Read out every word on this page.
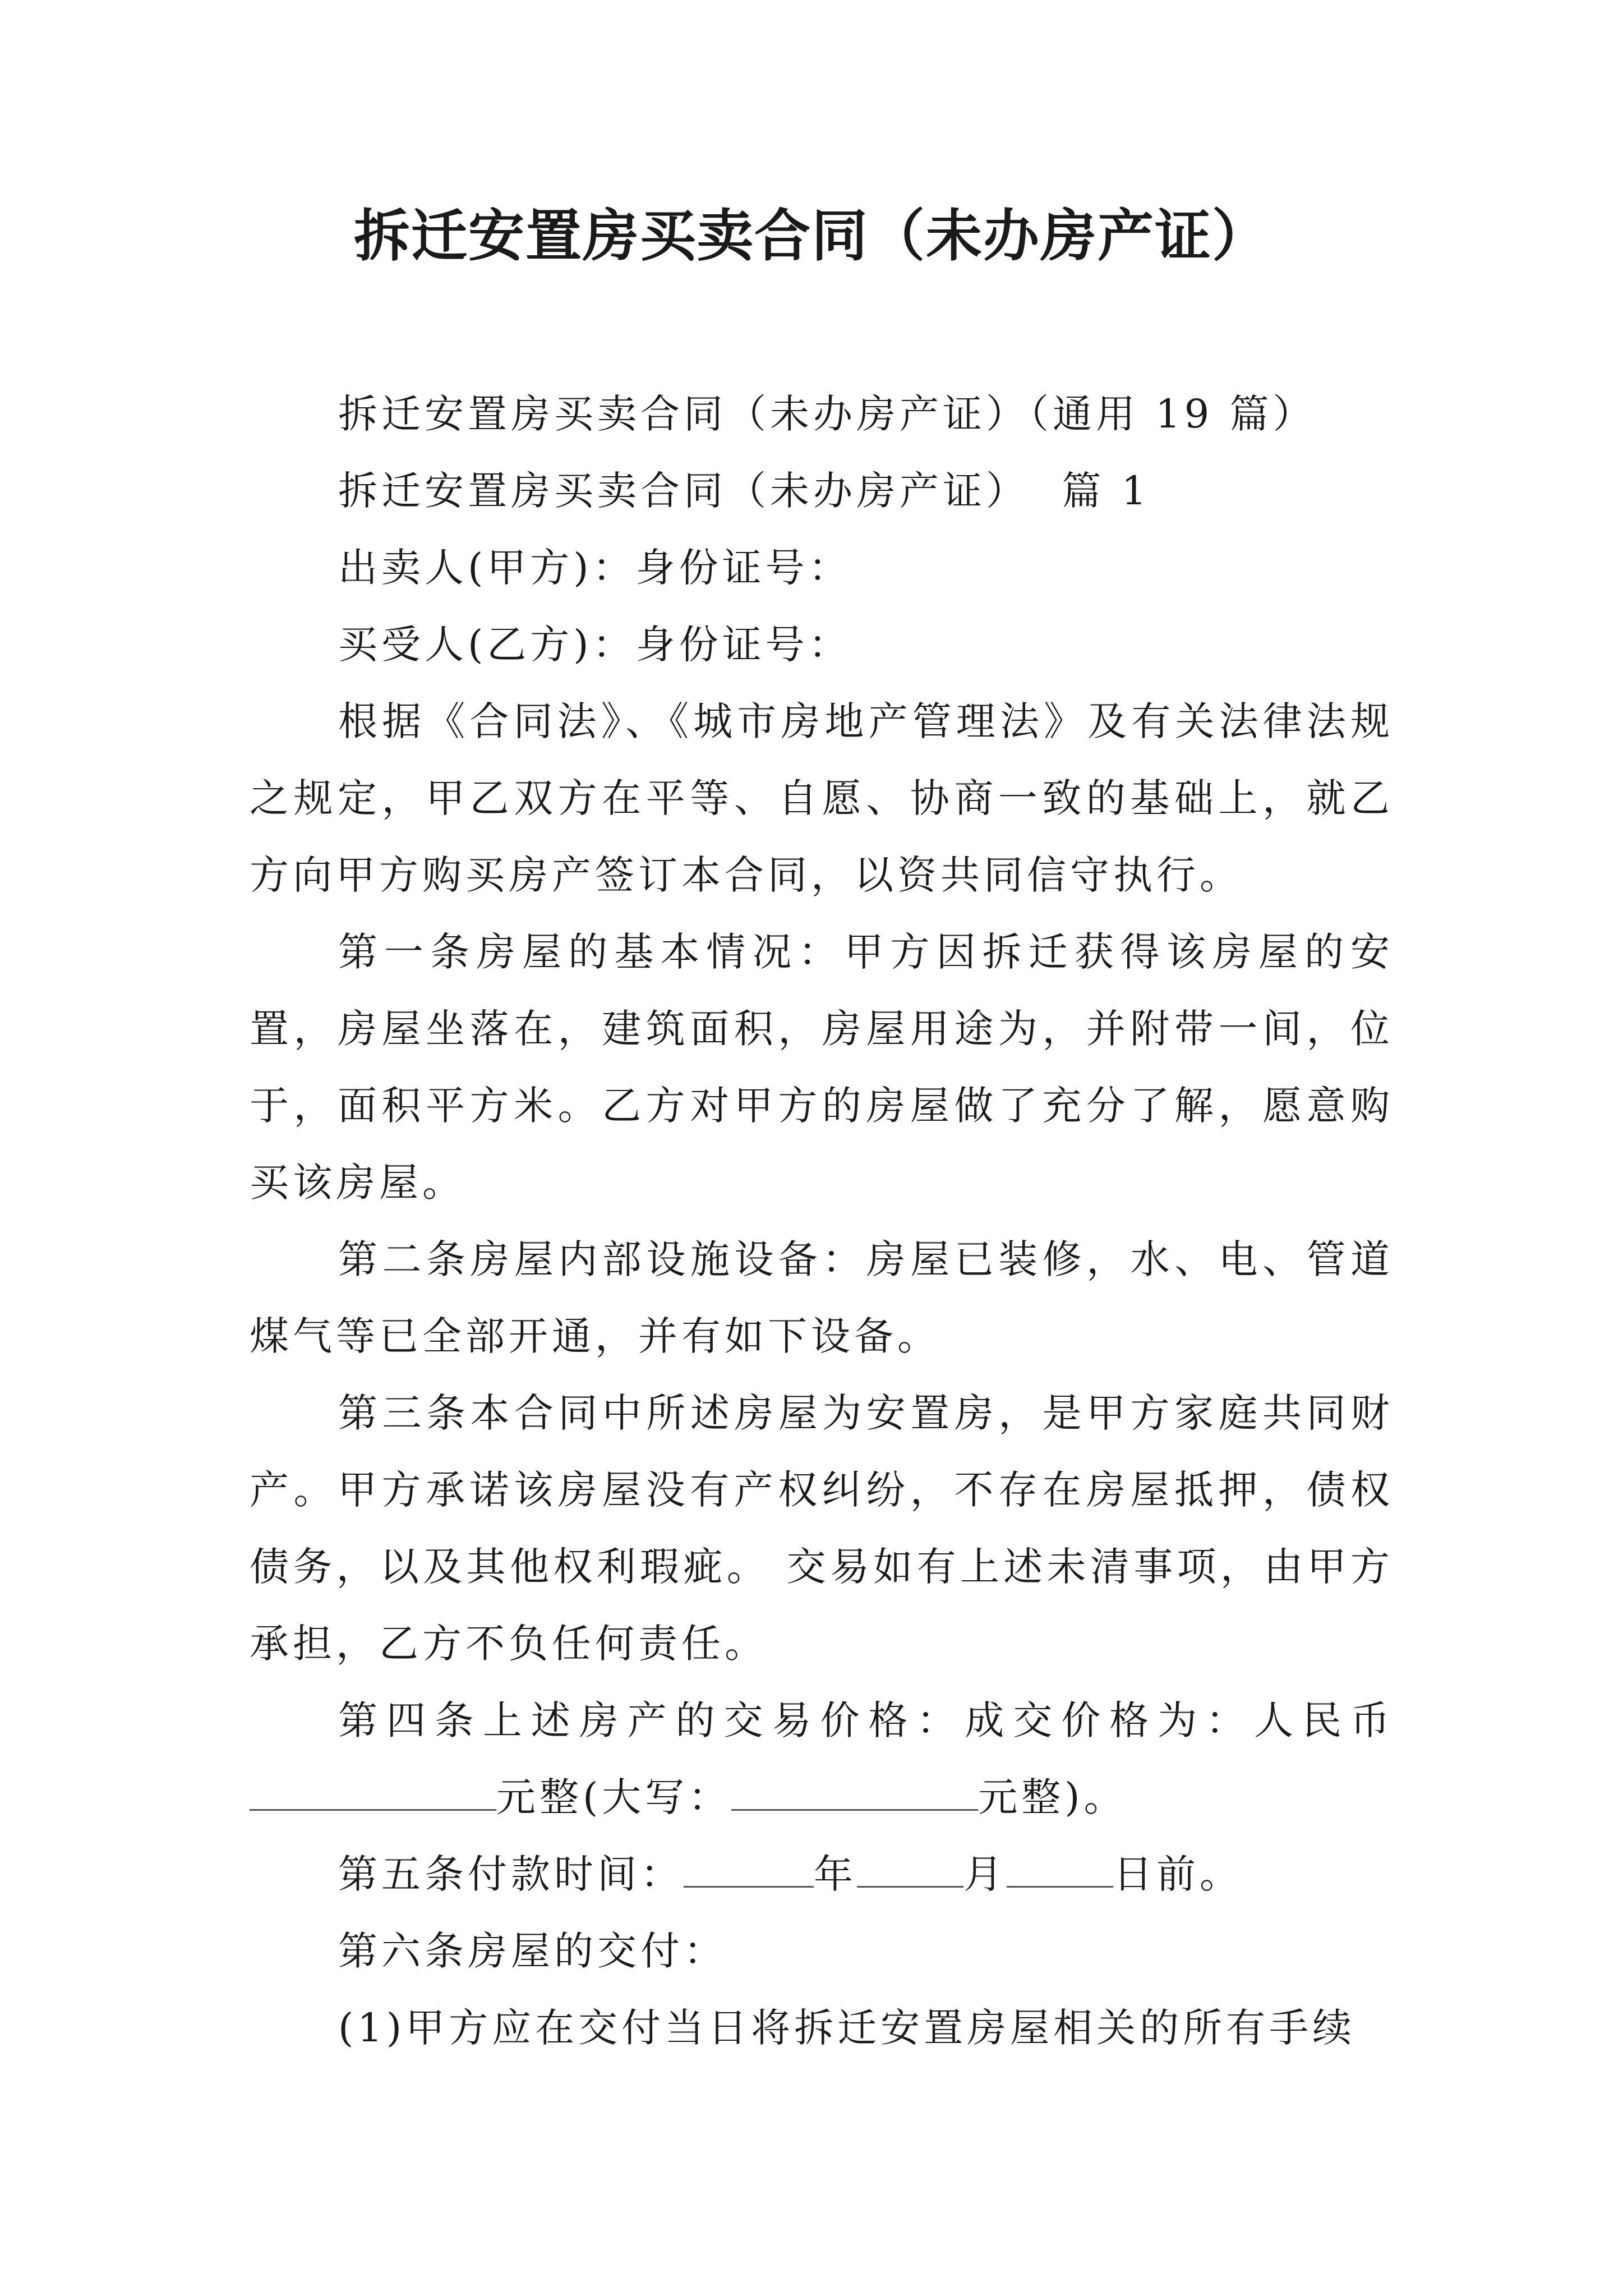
拆迁安置房买卖合同（未办房产证）

拆迁安置房买卖合同（未办房产证）（通用 19 篇）

拆迁安置房买卖合同（未办房产证）  篇 1

出卖人(甲方)：身份证号：

买受人(乙方)：身份证号：

根据《合同法》、《城市房地产管理法》及有关法律法规之规定，甲乙双方在平等、自愿、协商一致的基础上，就乙方向甲方购买房产签订本合同，以资共同信守执行。

第一条房屋的基本情况：甲方因拆迁获得该房屋的安置，房屋坐落在，建筑面积，房屋用途为，并附带一间，位于，面积平方米。乙方对甲方的房屋做了充分了解，愿意购买该房屋。

第二条房屋内部设施设备：房屋已装修，水、电、管道煤气等已全部开通，并有如下设备。

第三条本合同中所述房屋为安置房，是甲方家庭共同财产。甲方承诺该房屋没有产权纠纷，不存在房屋抵押，债权债务，以及其他权利瑕疵。 交易如有上述未清事项，由甲方承担，乙方不负任何责任。

第四条上述房产的交易价格：成交价格为：人民币元整(大写：	元整)。

第五条付款时间：	年	月	日前。

第六条房屋的交付：

(1)甲方应在交付当日将拆迁安置房屋相关的所有手续
